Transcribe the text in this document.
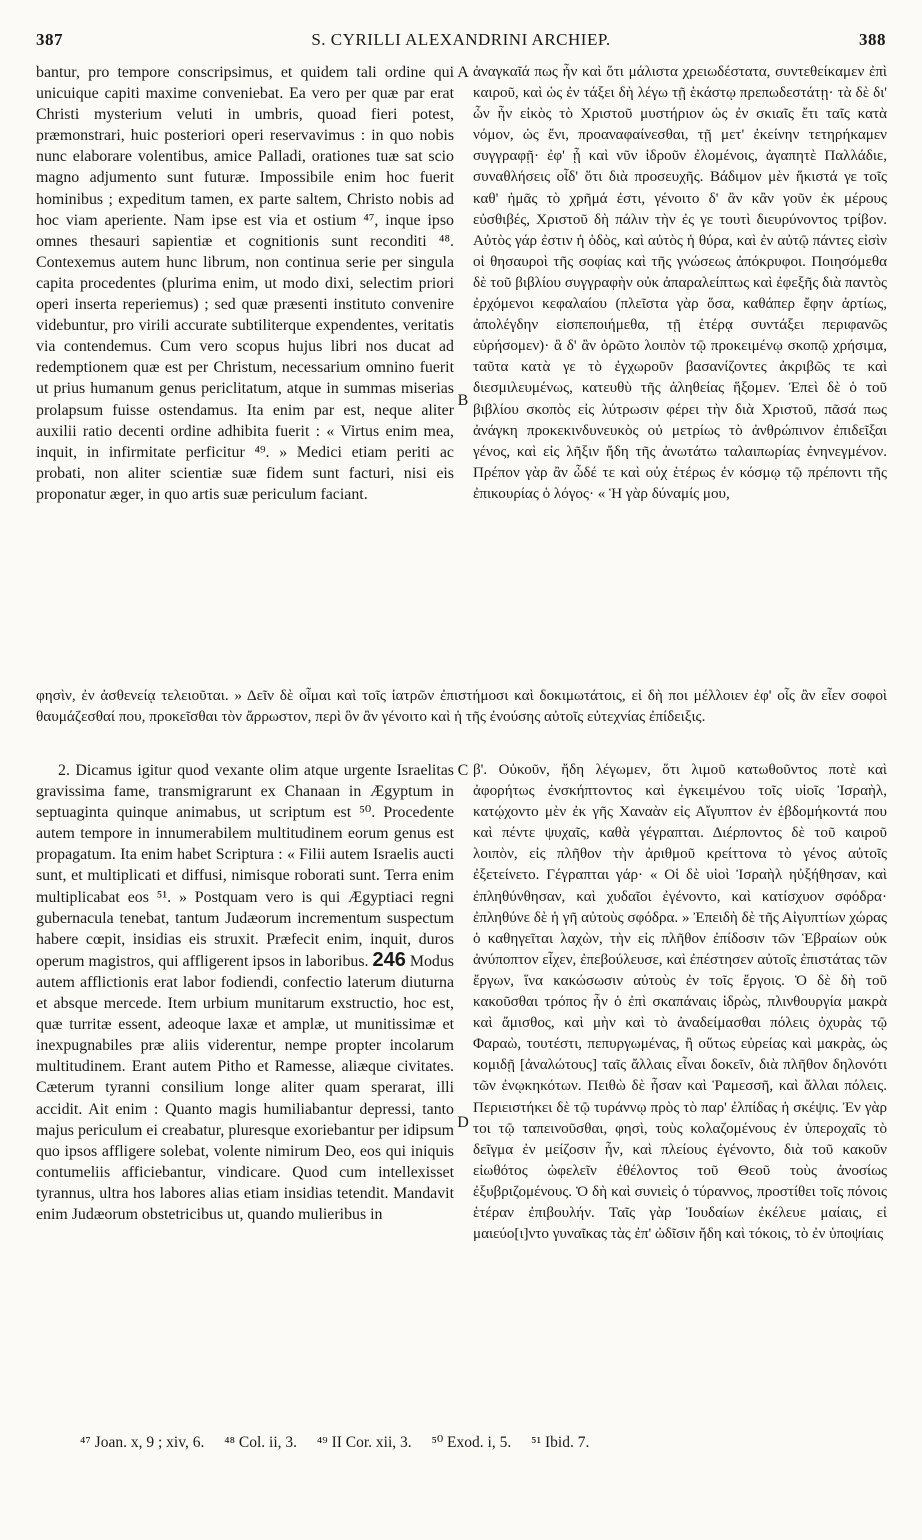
387	S. CYRILLI ALEXANDRINI ARCHIEP.	388

bantur, pro tempore conscripsimus, et quidem tali ordine qui unicuique capiti maxime conveniebat. Ea vero per quæ par erat Christi mysterium veluti in umbris, quoad fieri potest, præmonstrari, huic posteriori operi reservavimus : in quo nobis nunc elaborare volentibus, amice Palladi, orationes tuæ sat scio magno adjumento sunt futuræ. Impossibile enim hoc fuerit hominibus ; expeditum tamen, ex parte saltem, Christo nobis ad hoc viam aperiente. Nam ipse est via et ostium ⁴⁷, inque ipso omnes thesauri sapientiæ et cognitionis sunt reconditi ⁴⁸. Contexemus autem hunc librum, non continua serie per singula capita procedentes (plurima enim, ut modo dixi, selectim priori operi inserta reperiemus) ; sed quæ præsenti instituto convenire videbuntur, pro virili accurate subtiliterque expendentes, veritatis via contendemus. Cum vero scopus hujus libri nos ducat ad redemptionem quæ est per Christum, necessarium omnino fuerit ut prius humanum genus periclitatum, atque in summas miserias prolapsum fuisse ostendamus. Ita enim par est, neque aliter auxilii ratio decenti ordine adhibita fuerit : « Virtus enim mea, inquit, in infirmitate perficitur ⁴⁹. » Medici etiam periti ac probati, non aliter scientiæ suæ fidem sunt facturi, nisi eis proponatur æger, in quo artis suæ periculum faciant.

ἀναγκαῖά πως ἦν καὶ ὅτι μάλιστα χρειωδέστατα, συντεθείκαμεν ἐπὶ καιροῦ, καὶ ὡς ἐν τάξει δὴ λέγω τῇ ἑκάστῳ πρεπωδεστάτῃ· τὰ δὲ δι' ὧν ἦν εἰκὸς τὸ Χριστοῦ μυστήριον ὡς ἐν σκιαῖς ἔτι ταῖς κατὰ νόμον, ὡς ἔνι, προαναφαίνεσθαι, τῇ μετ' ἐκείνην τετηρήκαμεν συγγραφῇ· ἐφ' ᾗ καὶ νῦν ἱδροῦν ἐλομένοις, ἀγαπητὲ Παλλάδιε, συναθλήσεις οἶδ' ὅτι διὰ προσευχῆς. Βάδιμον μὲν ἥκιστά γε τοῖς καθ' ἡμᾶς τὸ χρῆμά ἐστι, γένοιτο δ' ἂν κἂν γοῦν ἐκ μέρους εὐσθιβές, Χριστοῦ δὴ πάλιν τὴν ἐς γε τουτὶ διευρύνοντος τρίβον. Αὐτὸς γάρ ἐστιν ἡ ὁδὸς, καὶ αὐτὸς ἡ θύρα, καὶ ἐν αὐτῷ πάντες εἰσὶν οἱ θησαυροὶ τῆς σοφίας καὶ τῆς γνώσεως ἀπόκρυφοι. Ποιησόμεθα δὲ τοῦ βιβλίου συγγραφὴν οὐκ ἀπαραλείπτως καὶ ἐφεξῆς διὰ παντὸς ἐρχόμενοι κεφαλαίου (πλεῖστα γὰρ ὅσα, καθάπερ ἔφην ἀρτίως, ἀπολέγδην εἰσπεποιήμεθα, τῇ ἑτέρᾳ συντάξει περιφανῶς εὑρήσομεν)· ἃ δ' ἂν ὁρῶτο λοιπὸν τῷ προκειμένῳ σκοπῷ χρήσιμα, ταῦτα κατὰ γε τὸ ἐγχωροῦν βασανίζοντες ἀκριβῶς τε καὶ διεσμιλευμένως, κατευθὺ τῆς ἀληθείας ἥξομεν. Ἐπεὶ δὲ ὁ τοῦ βιβλίου σκοπὸς εἰς λύτρωσιν φέρει τὴν διὰ Χριστοῦ, πᾶσά πως ἀνάγκη προκεκινδυνευκὸς οὐ μετρίως τὸ ἀνθρώπινον ἐπιδεῖξαι γένος, καὶ εἰς λῆξιν ἤδη τῆς ἀνωτάτω ταλαιπωρίας ἐνηνεγμένον. Πρέπον γὰρ ἂν ὧδέ τε καὶ οὐχ ἑτέρως ἐν κόσμῳ τῷ πρέποντι τῆς ἐπικουρίας ὁ λόγος· « Ἡ γὰρ δύναμίς μου,

A
B
C
D
φησὶν, ἐν ἀσθενείᾳ τελειοῦται. » Δεῖν δὲ οἶμαι καὶ τοῖς ἰατρῶν ἐπιστήμοσι καὶ δοκιμωτάτοις, εἰ δὴ ποι μέλλοιεν ἐφ' οἷς ἂν εἶεν σοφοὶ θαυμάζεσθαί που, προκεῖσθαι τὸν ἄρρωστον, περὶ ὃν ἂν γένοιτο καὶ ἡ τῆς ἐνούσης αὐτοῖς εὐτεχνίας ἐπίδειξις.

2. Dicamus igitur quod vexante olim atque urgente Israelitas gravissima fame, transmigrarunt ex Chanaan in Ægyptum in septuaginta quinque animabus, ut scriptum est ⁵⁰. Procedente autem tempore in innumerabilem multitudinem eorum genus est propagatum. Ita enim habet Scriptura : « Filii autem Israelis aucti sunt, et multiplicati et diffusi, nimisque roborati sunt. Terra enim multiplicabat eos ⁵¹. » Postquam vero is qui Ægyptiaci regni gubernacula tenebat, tantum Judæorum incrementum suspectum habere cœpit, insidias eis struxit. Præfecit enim, inquit, duros operum magistros, qui affligerent ipsos in laboribus. 246 Modus autem afflictionis erat labor fodiendi, confectio laterum diuturna et absque mercede. Item urbium munitarum exstructio, hoc est, quæ turritæ essent, adeoque laxæ et amplæ, ut munitissimæ et inexpugnabiles præ aliis viderentur, nempe propter incolarum multitudinem. Erant autem Pitho et Ramesse, aliæque civitates. Cæterum tyranni consilium longe aliter quam sperarat, illi accidit. Ait enim : Quanto magis humiliabantur depressi, tanto majus periculum ei creabatur, pluresque exoriebantur per idipsum quo ipsos affligere solebat, volente nimirum Deo, eos qui iniquis contumeliis afficiebantur, vindicare. Quod cum intellexisset tyrannus, ultra hos labores alias etiam insidias tetendit. Mandavit enim Judæorum obstetricibus ut, quando mulieribus in

β'. Οὐκοῦν, ἤδη λέγωμεν, ὅτι λιμοῦ κατωθοῦντος ποτὲ καὶ ἀφορήτως ἐνσκήπτοντος καὶ ἐγκειμένου τοῖς υἱοῖς Ἰσραὴλ, κατῴχοντο μὲν ἐκ γῆς Χαναὰν εἰς Αἴγυπτον ἐν ἑβδομήκοντά που καὶ πέντε ψυχαῖς, καθὰ γέγραπται. Διέρποντος δὲ τοῦ καιροῦ λοιπὸν, εἰς πλῆθον τὴν ἀριθμοῦ κρείττονα τὸ γένος αὐτοῖς ἐξετείνετο. Γέγραπται γάρ· « Οἱ δὲ υἱοὶ Ἰσραὴλ ηὐξήθησαν, καὶ ἐπληθύνθησαν, καὶ χυδαῖοι ἐγένοντο, καὶ κατίσχυον σφόδρα· ἐπληθύνε δὲ ἡ γῆ αὐτοὺς σφόδρα. » Ἐπειδὴ δὲ τῆς Αἰγυπτίων χώρας ὁ καθηγεῖται λαχὼν, τὴν εἰς πλῆθον ἐπίδοσιν τῶν Ἑβραίων οὐκ ἀνύποπτον εἶχεν, ἐπεβούλευσε, καὶ ἐπέστησεν αὐτοῖς ἐπιστάτας τῶν ἔργων, ἵνα κακώσωσιν αὐτοὺς ἐν τοῖς ἔργοις. Ὁ δὲ δὴ τοῦ κακοῦσθαι τρόπος ἦν ὁ ἐπὶ σκαπάναις ἱδρὼς, πλινθουργία μακρὰ καὶ ἄμισθος, καὶ μὴν καὶ τὸ ἀναδείμασθαι πόλεις ὀχυρὰς τῷ Φαραὼ, τουτέστι, πεπυργωμένας, ἢ οὕτως εὐρείας καὶ μακρὰς, ὡς κομιδῇ [ἀναλώτους] ταῖς ἄλλαις εἶναι δοκεῖν, διὰ πλῆθον δηλονότι τῶν ἐνῳκηκότων. Πειθὼ δὲ ἦσαν καὶ Ῥαμεσσῆ, καὶ ἄλλαι πόλεις. Περιειστήκει δὲ τῷ τυράννῳ πρὸς τὸ παρ' ἐλπίδας ἡ σκέψις. Ἐν γὰρ τοι τῷ ταπεινοῦσθαι, φησὶ, τοὺς κολαζομένους ἐν ὑπεροχαῖς τὸ δεῖγμα ἐν μείζοσιν ἦν, καὶ πλείους ἐγένοντο, διὰ τοῦ κακοῦν εἰωθότος ὠφελεῖν ἐθέλοντος τοῦ Θεοῦ τοὺς ἀνοσίως ἐξυβριζομένους. Ὁ δὴ καὶ συνιεὶς ὁ τύραννος, προστίθει τοῖς πόνοις ἑτέραν ἐπιβουλήν. Ταῖς γὰρ Ἰουδαίων ἐκέλευε μαίαις, εἰ μαιεύο[ι]ντο γυναῖκας τὰς ἐπ' ὠδῖσιν ἤδη καὶ τόκοις, τὸ ἐν ὑποψίαις

⁴⁷ Joan. x, 9 ; xiv, 6. ⁴⁸ Col. ii, 3. ⁴⁹ II Cor. xii, 3. ⁵⁰ Exod. i, 5. ⁵¹ Ibid. 7.
